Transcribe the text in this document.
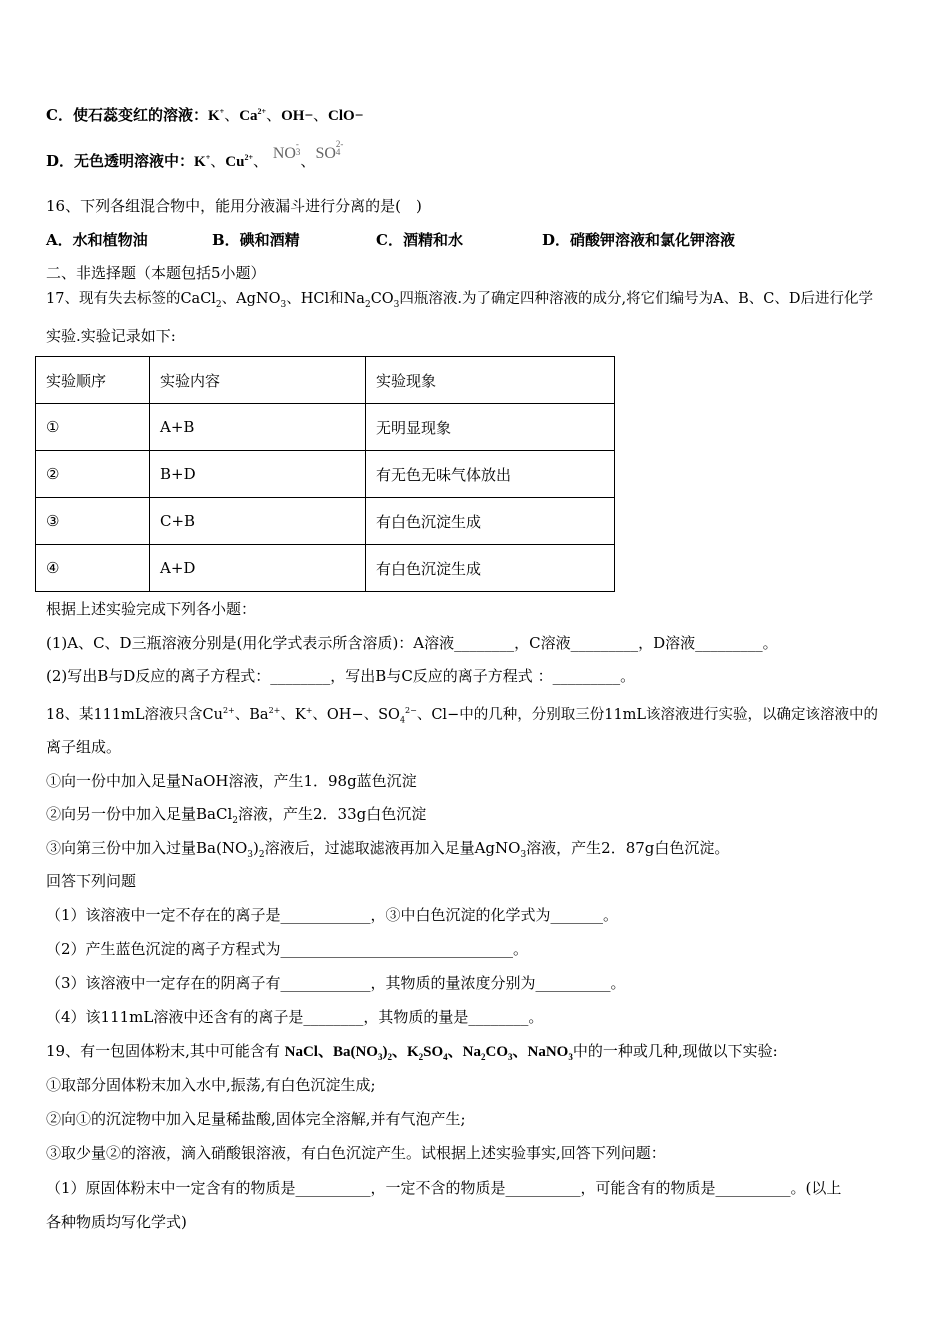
C．使石蕊变红的溶液：K+、$Ca^{2+}$、OH−、ClO−
D．无色透明溶液中：K+、$Cu^{2+}$、 NO-
3、SO2-
4
16、下列各组混合物中，能用分液漏斗进行分离的是(　)
A．水和植物油	B．碘和酒精	C．酒精和水	D．硝酸钾溶液和氯化钾溶液
二、非选择题（本题包括5小题）
17、现有失去标签的CaCl$_2$、AgNO$_3$、HCl和$Na_2CO_3$四瓶溶液.为了确定四种溶液的成分,将它们编号为A、B、C、D后进行化学
实验.实验记录如下:
实验顺序	实验内容	实验现象
①	A+B	无明显现象
②	B+D	有无色无味气体放出
③	C+B	有白色沉淀生成
④	A+D	有白色沉淀生成
根据上述实验完成下列各小题：
(1)A、C、D三瓶溶液分别是(用化学式表示所含溶质)：A溶液________，C溶液_________，D溶液_________。
(2)写出B与D反应的离子方程式：________，写出B与C反应的离子方程式 ：_________。
18、某111mL溶液只含$Cu^{2+}$、$Ba^{2+}$、K+、OH−、$SO_4^{2-}$、Cl−中的几种，分别取三份11mL该溶液进行实验，以确定该溶液中的
离子组成。
①向一份中加入足量NaOH溶液，产生1．98g蓝色沉淀
②向另一份中加入足量BaCl$_2$溶液，产生2．33g白色沉淀
③向第三份中加入过量$Ba(NO_3)_2$溶液后，过滤取滤液再加入足量AgNO$_3$溶液，产生2．87g白色沉淀。
回答下列问题
（1）该溶液中一定不存在的离子是____________，③中白色沉淀的化学式为_______。
（2）产生蓝色沉淀的离子方程式为_______________________________。
（3）该溶液中一定存在的阴离子有____________，其物质的量浓度分别为__________。
（4）该111mL溶液中还含有的离子是________，其物质的量是________。
19、有一包固体粉末,其中可能含有 NaCl、$Ba(NO_3)_2$、$K_2SO_4$、$Na_2CO_3$、NaNO$_3$中的一种或几种,现做以下实验:
①取部分固体粉末加入水中,振荡,有白色沉淀生成;
②向①的沉淀物中加入足量稀盐酸,固体完全溶解,并有气泡产生;
③取少量②的溶液，滴入硝酸银溶液，有白色沉淀产生。试根据上述实验事实,回答下列问题：
（1）原固体粉末中一定含有的物质是__________，一定不含的物质是__________，可能含有的物质是__________。(以上
各种物质均写化学式)
